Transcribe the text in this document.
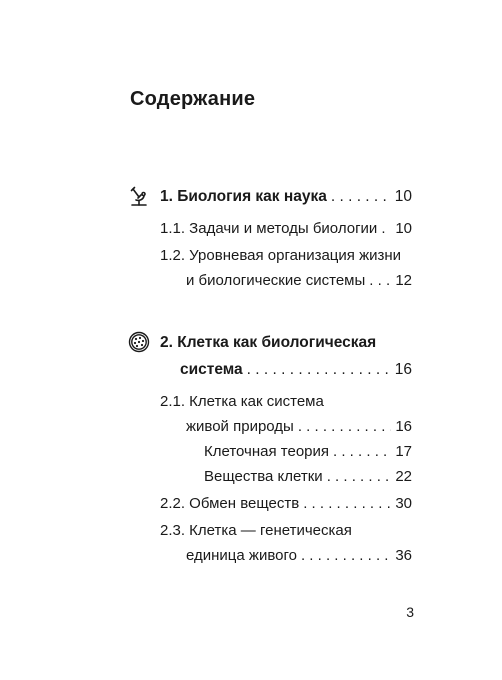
Содержание
1. Биология как наука . . .	10
1.1. Задачи и методы биологии . . . 10
1.2. Уровневая организация жизни
и биологические системы . . . 12
2. Клетка как биологическая
система . . .	16
2.1. Клетка как система
живой природы . . .	16
Клеточная теория . . .	17
Вещества клетки . . .	22
2.2. Обмен веществ . . .	30
2.3. Клетка — генетическая
единица живого . . .	36
3
